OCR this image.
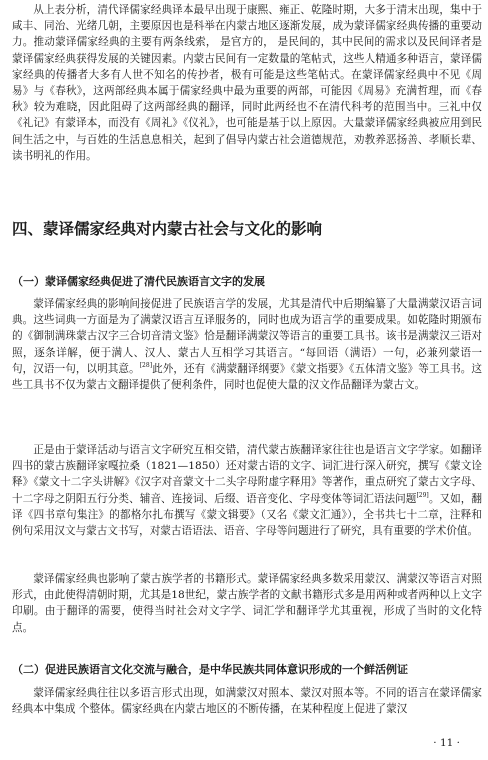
从上表分析，清代译儒家经典译本最早出现于康熙、雍正、乾隆时期，大多于清末出现，集中于咸丰、同治、光绪几朝，主要原因也是科举在内蒙古地区逐渐发展，成为蒙译儒家经典传播的重要动力。推动蒙译儒家经典的主要有两条线索， 是官方的， 是民间的，其中民间的需求以及民间译者是蒙译儒家经典获得发展的关键因素。内蒙古民间有一定数量的笔帖式，这些人精通多种语言，蒙译儒家经典的传播者大多有人世不知名的传抄者，极有可能是这些笔帖式。在蒙译儒家经典中不见《周易》与《春秋》，这两部经典本属于儒家经典中最为重要的两部，可能因《周易》充满哲理，而《春秋》较为难晓，因此阻碍了这两部经典的翻译，同时此两经也不在清代科考的范围当中。三礼中仅《礼记》有蒙译本，而没有《周礼》《仪礼》，也可能是基于以上原因。大量蒙译儒家经典被应用到民间生活之中，与百姓的生活息息相关，起到了倡导内蒙古社会道德规范，劝教养恶扬善、孝顺长辈、读书明礼的作用。

四、蒙译儒家经典对内蒙古社会与文化的影响
（一）蒙译儒家经典促进了清代民族语言文字的发展

蒙译儒家经典的影响间接促进了民族语言学的发展，尤其是清代中后期编纂了大量满蒙汉语言词典。这些词典一方面是为了满蒙汉语言互译服务的，同时也成为语言学的重要成果。如乾隆时期颁布的《御制满珠蒙古汉字三合切音清文鉴》恰是翻译满蒙汉等语言的重要工具书。该书是满蒙汉三语对照，逐条详解，便于满人、汉人、蒙古人互相学习其语言。“每回语（满语）一句，必兼列蒙语一句，汉语一句，以明其意。[28]此外，还有《满蒙翻译纲要》《蒙文指要》《五体清文鉴》等工具书。这些工具书不仅为蒙古文翻译提供了便利条件，同时也促使大量的汉文作品翻译为蒙古文。

正是由于蒙译活动与语言文字研究互相交错，清代蒙古族翻译家往往也是语言文字学家。如翻译四书的蒙古族翻译家嘎拉桑（1821—1850）还对蒙古语的文字、词汇进行深入研究，撰写《蒙文诠释》《蒙文十二字头讲解》《汉字对音蒙文十二头字母附虚字释用》等著作，重点研究了蒙古文字母、十二字母之阴阳五行分类、辅音、连接词、后缀、语音变化、字母变体等词汇语法问题[29]。又如，翻译《四书章句集注》的都格尔扎布撰写《蒙文辑要》（又名《蒙文汇通》），全书共七十二章，注释和例句采用汉文与蒙古文书写，对蒙古语语法、语音、字母等问题进行了研究，具有重要的学术价值。

蒙译儒家经典也影响了蒙古族学者的书籍形式。蒙译儒家经典多数采用蒙汉、满蒙汉等语言对照形式，由此使得清朝时期，尤其是18世纪，蒙古族学者的文献书籍形式多是用两种或者两种以上文字印刷。由于翻译的需要，使得当时社会对文字学、词汇学和翻译学尤其重视，形成了当时的文化特点。

（二）促进民族语言文化交流与融合，是中华民族共同体意识形成的一个鲜活例证

蒙译儒家经典往往以多语言形式出现，如满蒙汉对照本、蒙汉对照本等。不同的语言在蒙译儒家经典本中集成 个整体。儒家经典在内蒙古地区的不断传播，在某种程度上促进了蒙汉

· 11 ·
